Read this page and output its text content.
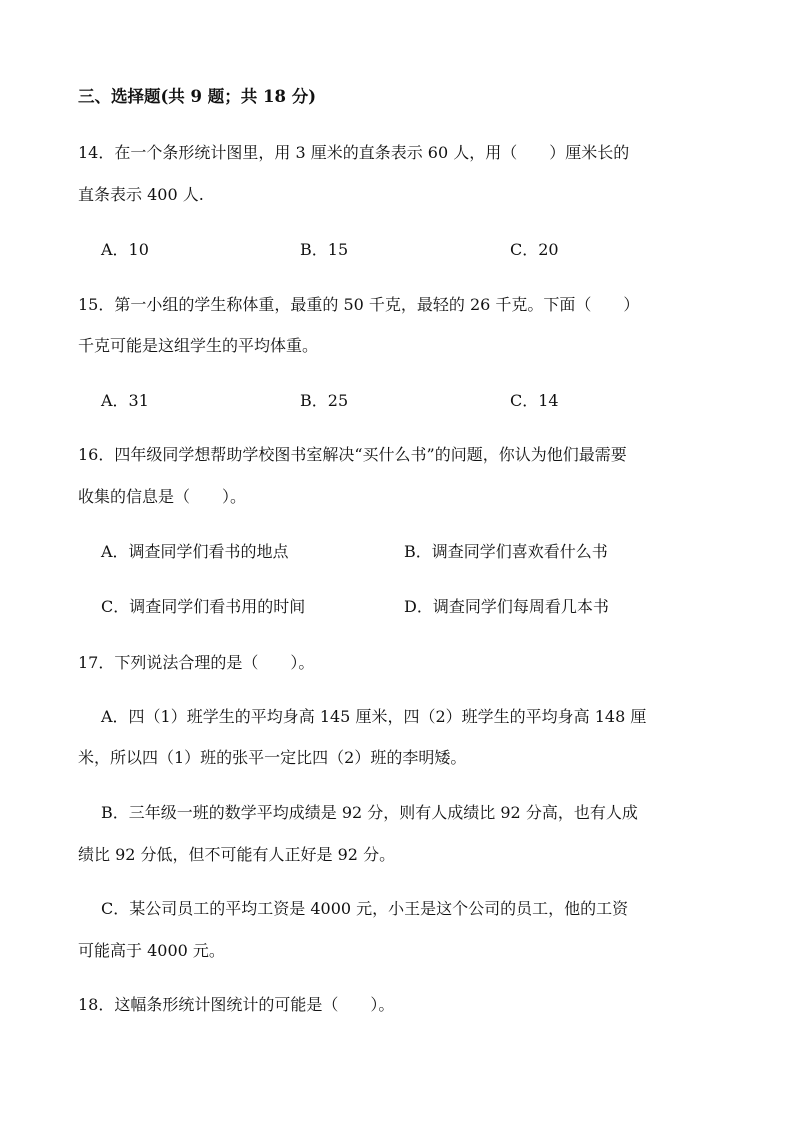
三、选择题(共 9 题；共 18 分)
14．在一个条形统计图里，用 3 厘米的直条表示 60 人，用（　　）厘米长的
直条表示 400 人.
A．10	B．15	C．20
15．第一小组的学生称体重，最重的 50 千克，最轻的 26 千克。下面（　　）
千克可能是这组学生的平均体重。
A．31	B．25	C．14
16．四年级同学想帮助学校图书室解决“买什么书”的问题，你认为他们最需要
收集的信息是（　　）。
A．调查同学们看书的地点	B．调查同学们喜欢看什么书
C．调查同学们看书用的时间	D．调查同学们每周看几本书
17．下列说法合理的是（　　）。
A．四（1）班学生的平均身高 145 厘米，四（2）班学生的平均身高 148 厘
米，所以四（1）班的张平一定比四（2）班的李明矮。
B．三年级一班的数学平均成绩是 92 分，则有人成绩比 92 分高，也有人成
绩比 92 分低，但不可能有人正好是 92 分。
C．某公司员工的平均工资是 4000 元，小王是这个公司的员工，他的工资
可能高于 4000 元。
18．这幅条形统计图统计的可能是（　　）。
